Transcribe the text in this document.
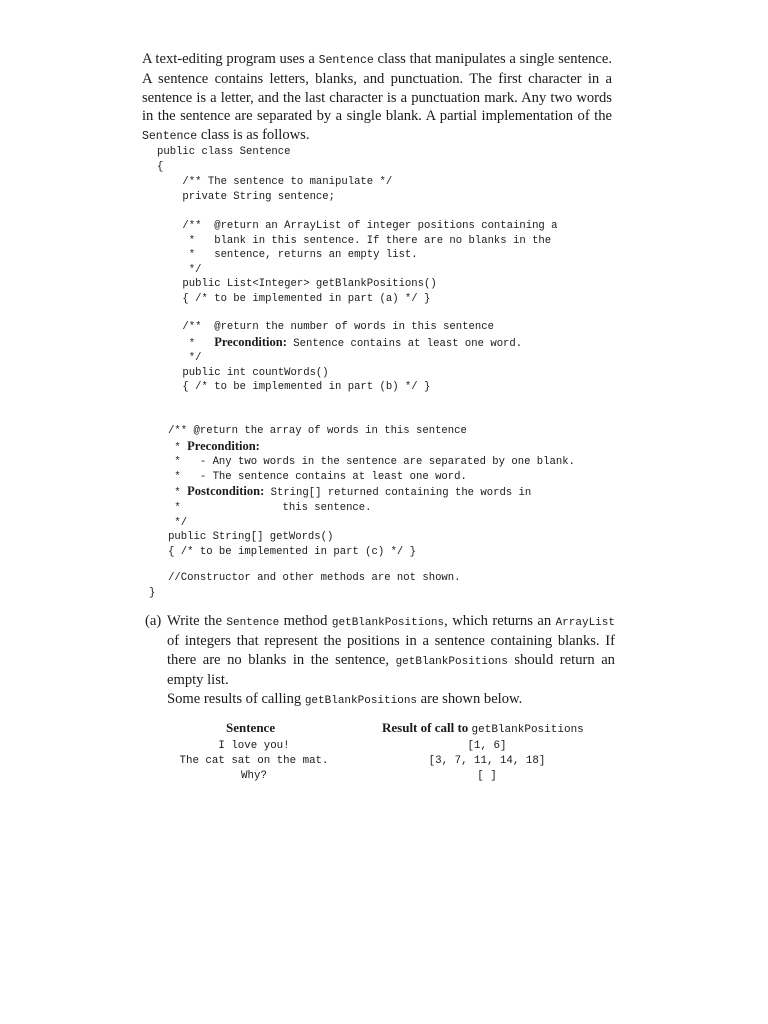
A text-editing program uses a Sentence class that manipulates a single sentence. A sentence contains letters, blanks, and punctuation. The first character in a sentence is a letter, and the last character is a punctuation mark. Any two words in the sentence are separated by a single blank. A partial implementation of the Sentence class is as follows.
public class Sentence
{
/** The sentence to manipulate */
private String sentence;
/**  @return an ArrayList of integer positions containing a
*   blank in this sentence. If there are no blanks in the
*   sentence, returns an empty list.
*/
public List<Integer> getBlankPositions()
{ /* to be implemented in part (a) */ }
/**  @return the number of words in this sentence
*   Precondition: Sentence contains at least one word.
*/
public int countWords()
{ /* to be implemented in part (b) */ }
/** @return the array of words in this sentence
* Precondition:
*   - Any two words in the sentence are separated by one blank.
*   - The sentence contains at least one word.
* Postcondition: String[] returned containing the words in
*                this sentence.
*/
public String[] getWords()
{ /* to be implemented in part (c) */ }
//Constructor and other methods are not shown.
}
(a) Write the Sentence method getBlankPositions, which returns an ArrayList of integers that represent the positions in a sentence containing blanks. If there are no blanks in the sentence, getBlankPositions should return an empty list.
Some results of calling getBlankPositions are shown below.
Sentence	Result of call to getBlankPositions
I love you!	[1, 6]
The cat sat on the mat.	[3, 7, 11, 14, 18]
Why?	[ ]
